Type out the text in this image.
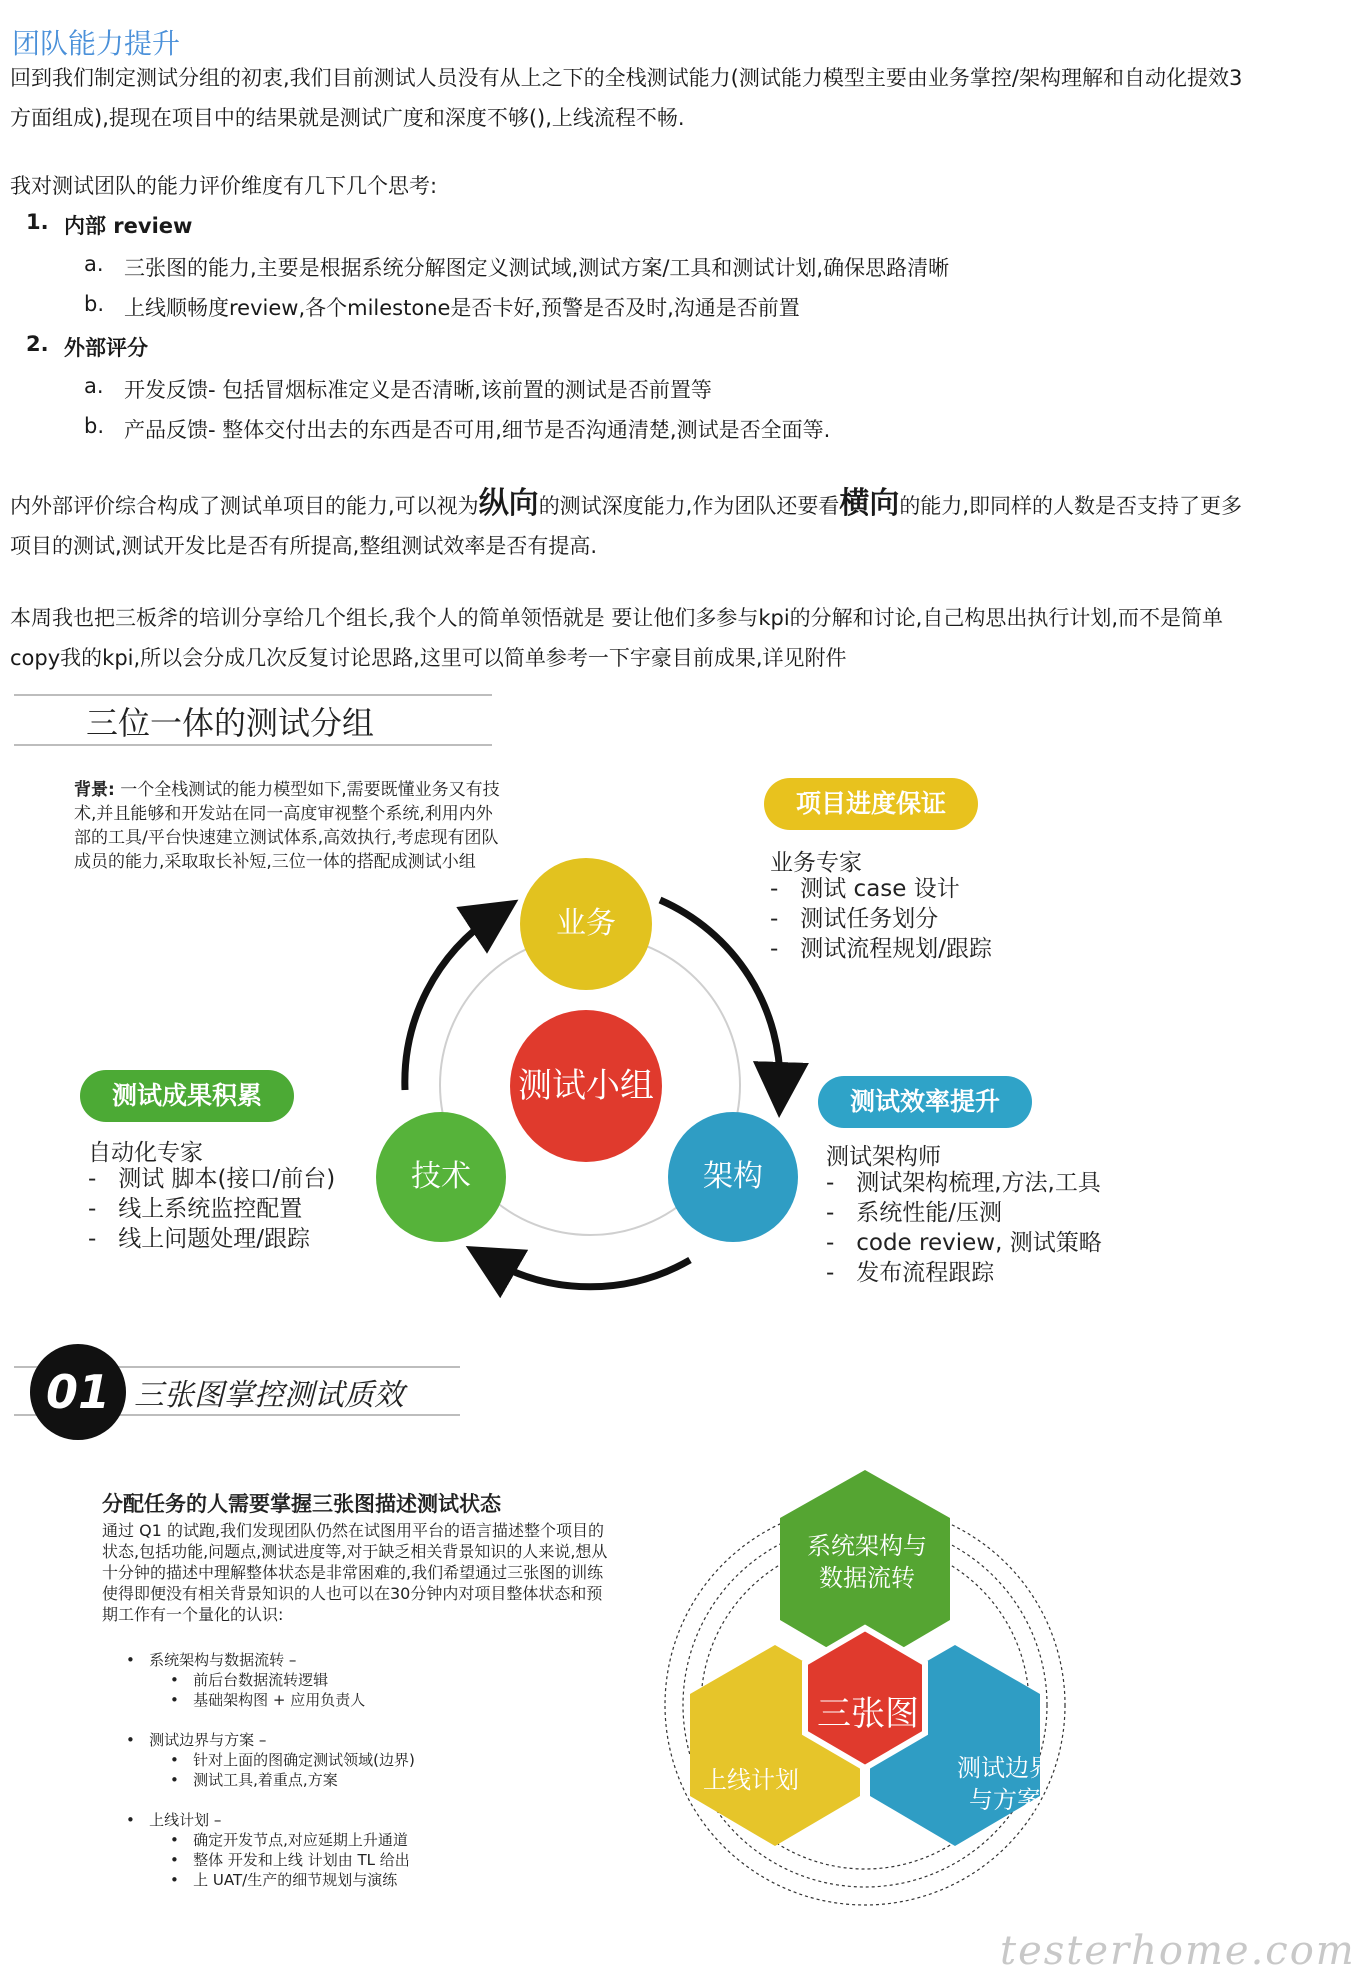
团队能力提升
回到我们制定测试分组的初衷,我们目前测试人员没有从上之下的全栈测试能力(测试能力模型主要由业务掌控/架构理解和自动化提效3方面组成),提现在项目中的结果就是测试广度和深度不够(),上线流程不畅.
我对测试团队的能力评价维度有几下几个思考:
1. 内部 review
a. 三张图的能力,主要是根据系统分解图定义测试域,测试方案/工具和测试计划,确保思路清晰
b. 上线顺畅度review,各个milestone是否卡好,预警是否及时,沟通是否前置
2. 外部评分
a. 开发反馈- 包括冒烟标准定义是否清晰,该前置的测试是否前置等
b. 产品反馈- 整体交付出去的东西是否可用,细节是否沟通清楚,测试是否全面等.
内外部评价综合构成了测试单项目的能力,可以视为纵向的测试深度能力,作为团队还要看横向的能力,即同样的人数是否支持了更多项目的测试,测试开发比是否有所提高,整组测试效率是否有提高.
本周我也把三板斧的培训分享给几个组长,我个人的简单领悟就是 要让他们多参与kpi的分解和讨论,自己构思出执行计划,而不是简单copy我的kpi,所以会分成几次反复讨论思路,这里可以简单参考一下宇豪目前成果,详见附件
三位一体的测试分组
背景: 一个全栈测试的能力模型如下,需要既懂业务又有技术,并且能够和开发站在同一高度审视整个系统,利用内外部的工具/平台快速建立测试体系,高效执行,考虑现有团队成员的能力,采取取长补短,三位一体的搭配成测试小组
业务
测试小组
架构
技术
项目进度保证
业务专家
-   测试 case 设计
-   测试任务划分
-   测试流程规划/跟踪
测试效率提升
测试架构师
-   测试架构梳理,方法,工具
-   系统性能/压测
-   code review, 测试策略
-   发布流程跟踪
测试成果积累
自动化专家
-   测试 脚本(接口/前台)
-   线上系统监控配置
-   线上问题处理/跟踪
01 三张图掌控测试质效
分配任务的人需要掌握三张图描述测试状态
通过 Q1 的试跑,我们发现团队仍然在试图用平台的语言描述整个项目的状态,包括功能,问题点,测试进度等,对于缺乏相关背景知识的人来说,想从十分钟的描述中理解整体状态是非常困难的,我们希望通过三张图的训练使得即便没有相关背景知识的人也可以在30分钟内对项目整体状态和预期工作有一个量化的认识:
•   系统架构与数据流转 –
•   前后台数据流转逻辑
•   基础架构图 + 应用负责人
•   测试边界与方案 –
•   针对上面的图确定测试领域(边界)
•   测试工具,着重点,方案
•   上线计划 –
•   确定开发节点,对应延期上升通道
•   整体 开发和上线 计划由 TL 给出
•   上 UAT/生产的细节规划与演练
系统架构与
数据流转
三张图
上线计划	测试边界
与方案
testerhome.com
